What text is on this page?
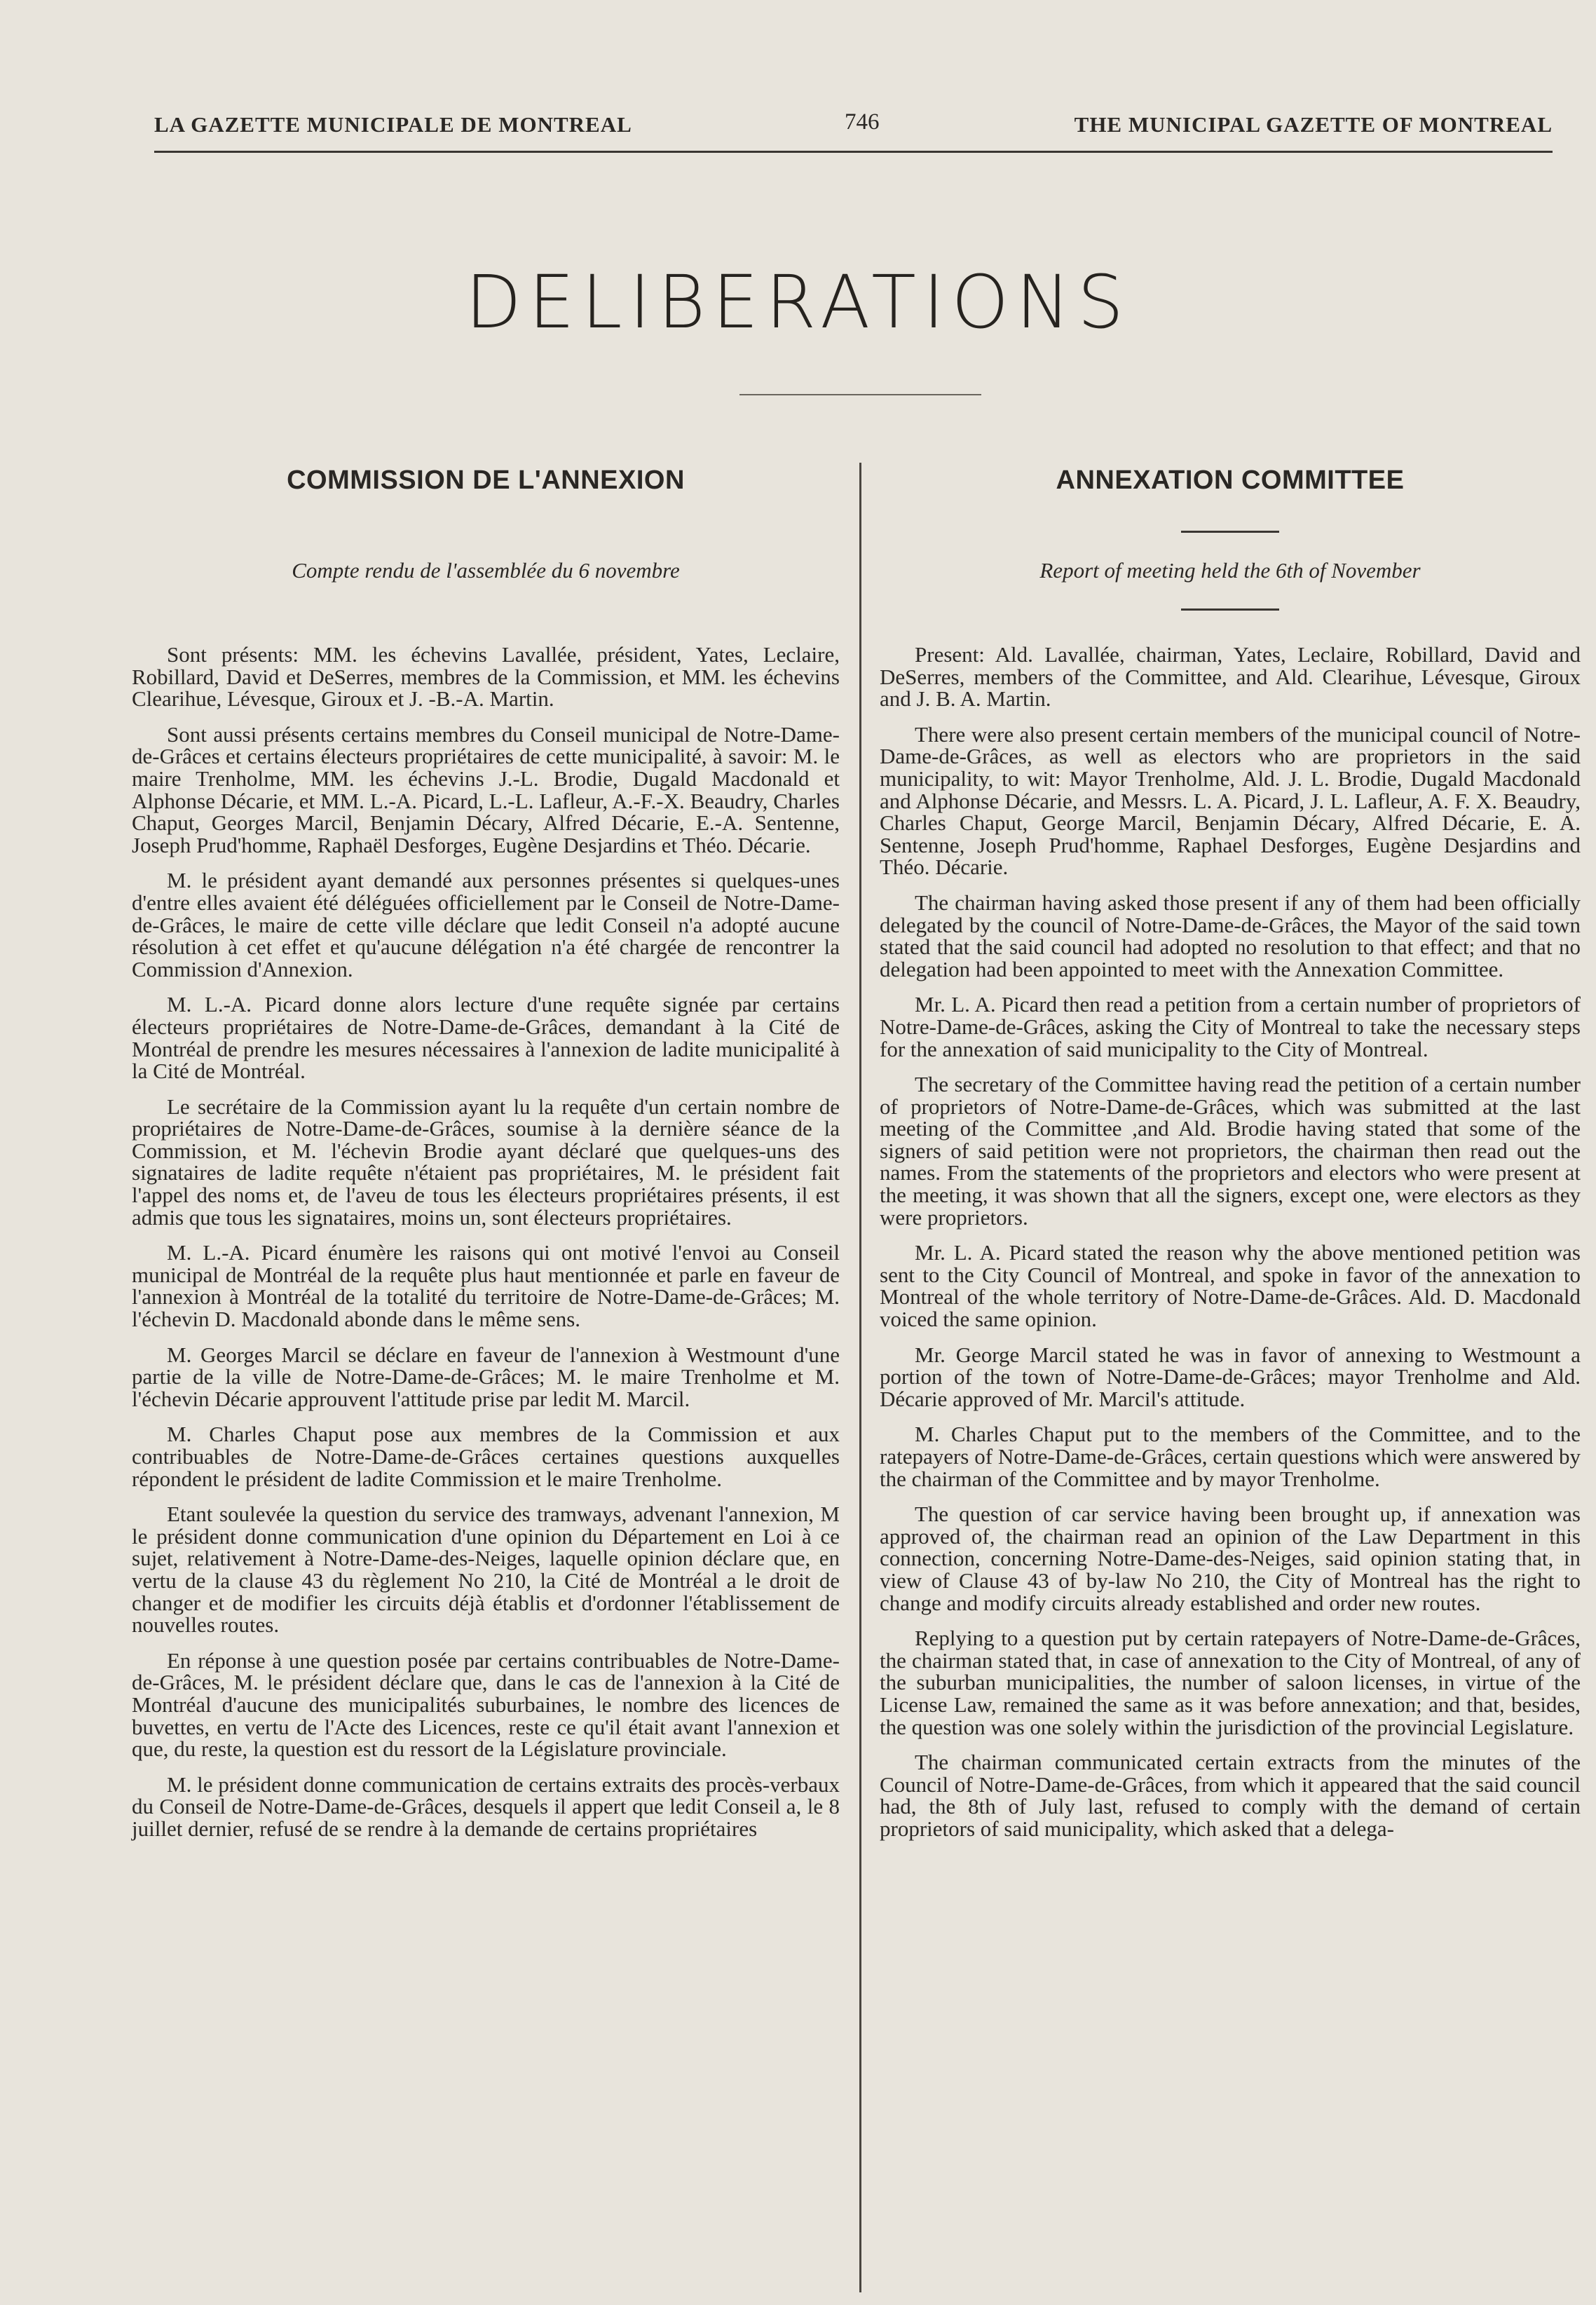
LA GAZETTE MUNICIPALE DE MONTREAL	746	THE MUNICIPAL GAZETTE OF MONTREAL
DELIBERATIONS
COMMISSION DE L'ANNEXION
Compte rendu de l'assemblée du 6 novembre

Sont présents: MM. les échevins Lavallée, président, Yates, Leclaire, Robillard, David et DeSerres, membres de la Commission, et MM. les échevins Clearihue, Lévesque, Giroux et J. -B.-A. Martin.

Sont aussi présents certains membres du Conseil municipal de Notre-Dame-de-Grâces et certains électeurs propriétaires de cette municipalité, à savoir: M. le maire Trenholme, MM. les échevins J.-L. Brodie, Dugald Macdonald et Alphonse Décarie, et MM. L.-A. Picard, L.-L. Lafleur, A.-F.-X. Beaudry, Charles Chaput, Georges Marcil, Benjamin Décary, Alfred Décarie, E.-A. Sentenne, Joseph Prud'homme, Raphaël Desforges, Eugène Desjardins et Théo. Décarie.

M. le président ayant demandé aux personnes présentes si quelques-unes d'entre elles avaient été déléguées officiellement par le Conseil de Notre-Dame-de-Grâces, le maire de cette ville déclare que ledit Conseil n'a adopté aucune résolution à cet effet et qu'aucune délégation n'a été chargée de rencontrer la Commission d'Annexion.

M. L.-A. Picard donne alors lecture d'une requête signée par certains électeurs propriétaires de Notre-Dame-de-Grâces, demandant à la Cité de Montréal de prendre les mesures nécessaires à l'annexion de ladite municipalité à la Cité de Montréal.

Le secrétaire de la Commission ayant lu la requête d'un certain nombre de propriétaires de Notre-Dame-de-Grâces, soumise à la dernière séance de la Commission, et M. l'échevin Brodie ayant déclaré que quelques-uns des signataires de ladite requête n'étaient pas propriétaires, M. le président fait l'appel des noms et, de l'aveu de tous les électeurs propriétaires présents, il est admis que tous les signataires, moins un, sont électeurs propriétaires.

M. L.-A. Picard énumère les raisons qui ont motivé l'envoi au Conseil municipal de Montréal de la requête plus haut mentionnée et parle en faveur de l'annexion à Montréal de la totalité du territoire de Notre-Dame-de-Grâces; M. l'échevin D. Macdonald abonde dans le même sens.

M. Georges Marcil se déclare en faveur de l'annexion à Westmount d'une partie de la ville de Notre-Dame-de-Grâces; M. le maire Trenholme et M. l'échevin Décarie approuvent l'attitude prise par ledit M. Marcil.

M. Charles Chaput pose aux membres de la Commission et aux contribuables de Notre-Dame-de-Grâces certaines questions auxquelles répondent le président de ladite Commission et le maire Trenholme.

Etant soulevée la question du service des tramways, advenant l'annexion, M le président donne communication d'une opinion du Département en Loi à ce sujet, relativement à Notre-Dame-des-Neiges, laquelle opinion déclare que, en vertu de la clause 43 du règlement No 210, la Cité de Montréal a le droit de changer et de modifier les circuits déjà établis et d'ordonner l'établissement de nouvelles routes.

En réponse à une question posée par certains contribuables de Notre-Dame-de-Grâces, M. le président déclare que, dans le cas de l'annexion à la Cité de Montréal d'aucune des municipalités suburbaines, le nombre des licences de buvettes, en vertu de l'Acte des Licences, reste ce qu'il était avant l'annexion et que, du reste, la question est du ressort de la Législature provinciale.

M. le président donne communication de certains extraits des procès-verbaux du Conseil de Notre-Dame-de-Grâces, desquels il appert que ledit Conseil a, le 8 juillet dernier, refusé de se rendre à la demande de certains propriétaires

ANNEXATION COMMITTEE
Report of meeting held the 6th of November

Present: Ald. Lavallée, chairman, Yates, Leclaire, Robillard, David and DeSerres, members of the Committee, and Ald. Clearihue, Lévesque, Giroux and J. B. A. Martin.

There were also present certain members of the municipal council of Notre-Dame-de-Grâces, as well as electors who are proprietors in the said municipality, to wit: Mayor Trenholme, Ald. J. L. Brodie, Dugald Macdonald and Alphonse Décarie, and Messrs. L. A. Picard, J. L. Lafleur, A. F. X. Beaudry, Charles Chaput, George Marcil, Benjamin Décary, Alfred Décarie, E. A. Sentenne, Joseph Prud'homme, Raphael Desforges, Eugène Desjardins and Théo. Décarie.

The chairman having asked those present if any of them had been officially delegated by the council of Notre-Dame-de-Grâces, the Mayor of the said town stated that the said council had adopted no resolution to that effect; and that no delegation had been appointed to meet with the Annexation Committee.

Mr. L. A. Picard then read a petition from a certain number of proprietors of Notre-Dame-de-Grâces, asking the City of Montreal to take the necessary steps for the annexation of said municipality to the City of Montreal.

The secretary of the Committee having read the petition of a certain number of proprietors of Notre-Dame-de-Grâces, which was submitted at the last meeting of the Committee ,and Ald. Brodie having stated that some of the signers of said petition were not proprietors, the chairman then read out the names. From the statements of the proprietors and electors who were present at the meeting, it was shown that all the signers, except one, were electors as they were proprietors.

Mr. L. A. Picard stated the reason why the above mentioned petition was sent to the City Council of Montreal, and spoke in favor of the annexation to Montreal of the whole territory of Notre-Dame-de-Grâces. Ald. D. Macdonald voiced the same opinion.

Mr. George Marcil stated he was in favor of annexing to Westmount a portion of the town of Notre-Dame-de-Grâces; mayor Trenholme and Ald. Décarie approved of Mr. Marcil's attitude.

M. Charles Chaput put to the members of the Committee, and to the ratepayers of Notre-Dame-de-Grâces, certain questions which were answered by the chairman of the Committee and by mayor Trenholme.

The question of car service having been brought up, if annexation was approved of, the chairman read an opinion of the Law Department in this connection, concerning Notre-Dame-des-Neiges, said opinion stating that, in view of Clause 43 of by-law No 210, the City of Montreal has the right to change and modify circuits already established and order new routes.

Replying to a question put by certain ratepayers of Notre-Dame-de-Grâces, the chairman stated that, in case of annexation to the City of Montreal, of any of the suburban municipalities, the number of saloon licenses, in virtue of the License Law, remained the same as it was before annexation; and that, besides, the question was one solely within the jurisdiction of the provincial Legislature.

The chairman communicated certain extracts from the minutes of the Council of Notre-Dame-de-Grâces, from which it appeared that the said council had, the 8th of July last, refused to comply with the demand of certain proprietors of said municipality, which asked that a delega-
